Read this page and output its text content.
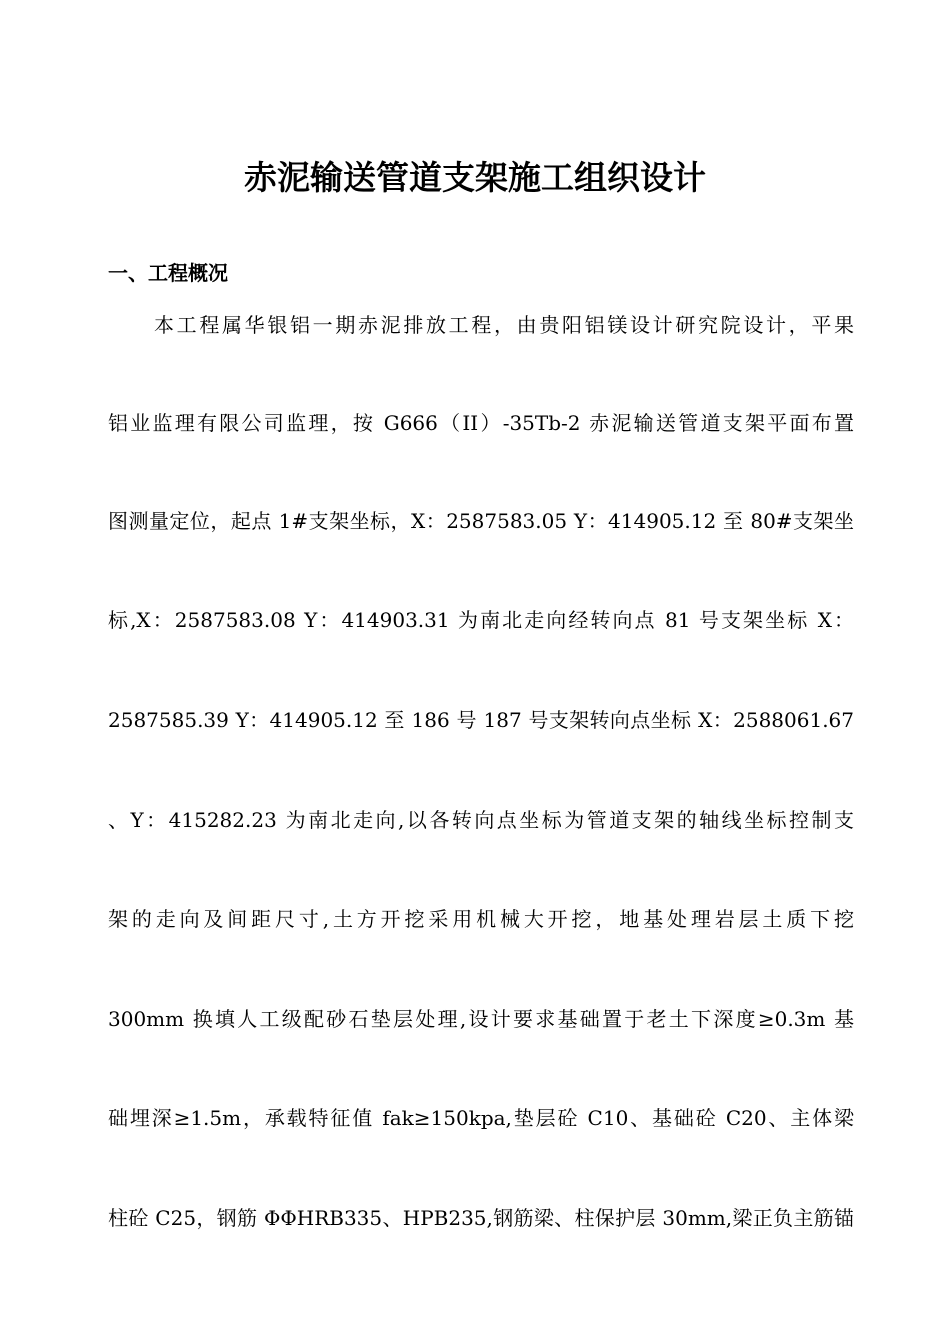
赤泥输送管道支架施工组织设计
一、工程概况
本工程属华银铝一期赤泥排放工程，由贵阳铝镁设计研究院设计，平果
铝业监理有限公司监理，按 G666（II）-35Tb-2 赤泥输送管道支架平面布置
图测量定位，起点 1#支架坐标，X：2587583.05 Y：414905.12 至 80#支架坐
标,X：2587583.08 Y：414903.31 为南北走向经转向点 81 号支架坐标 X：
2587585.39 Y：414905.12 至 186 号 187 号支架转向点坐标 X：2588061.67
、Y：415282.23 为南北走向,以各转向点坐标为管道支架的轴线坐标控制支
架的走向及间距尺寸,土方开挖采用机械大开挖，地基处理岩层土质下挖
300mm 换填人工级配砂石垫层处理,设计要求基础置于老土下深度≥0.3m 基
础埋深≥1.5m，承载特征值 fak≥150kpa,垫层砼 C10、基础砼 C20、主体梁
柱砼 C25，钢筋 ΦΦHRB335、HPB235,钢筋梁、柱保护层 30mm,梁正负主筋锚
